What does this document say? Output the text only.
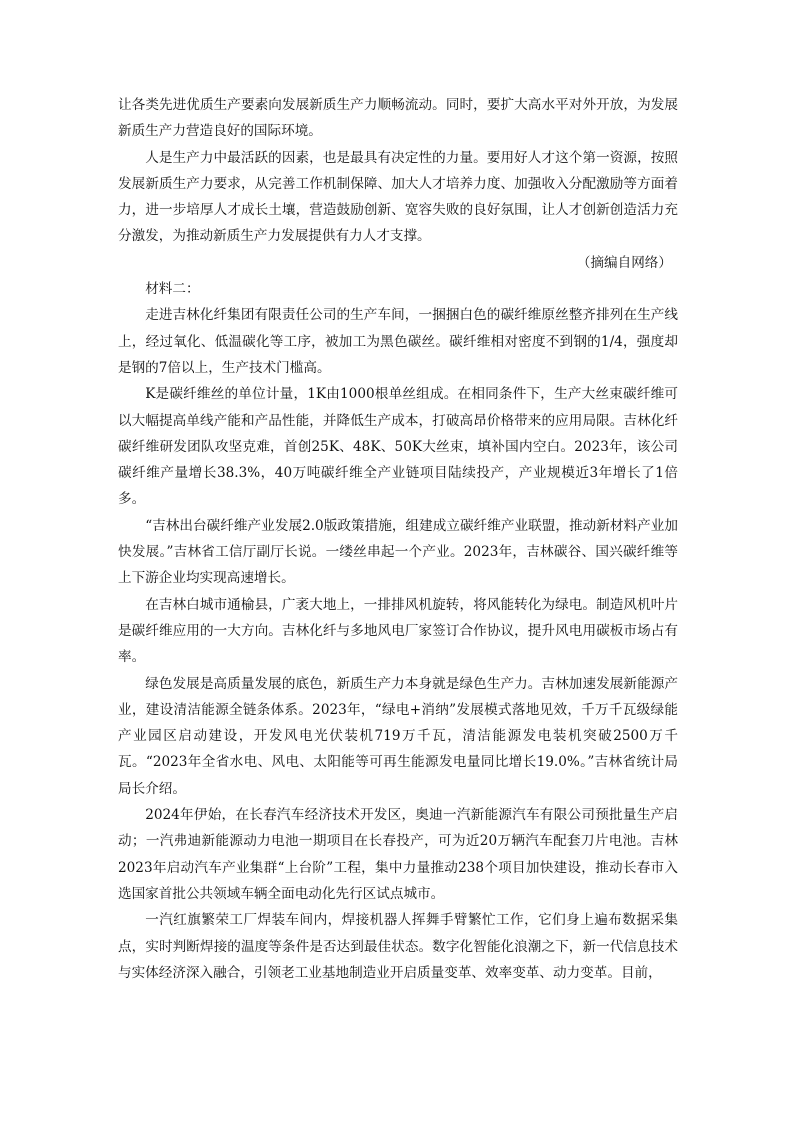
让各类先进优质生产要素向发展新质生产力顺畅流动。同时，要扩大高水平对外开放，为发展新质生产力营造良好的国际环境。

人是生产力中最活跃的因素，也是最具有决定性的力量。要用好人才这个第一资源，按照发展新质生产力要求，从完善工作机制保障、加大人才培养力度、加强收入分配激励等方面着力，进一步培厚人才成长土壤，营造鼓励创新、宽容失败的良好氛围，让人才创新创造活力充分激发，为推动新质生产力发展提供有力人才支撑。

（摘编自网络）

材料二：

走进吉林化纤集团有限责任公司的生产车间，一捆捆白色的碳纤维原丝整齐排列在生产线上，经过氧化、低温碳化等工序，被加工为黑色碳丝。碳纤维相对密度不到钢的1/4，强度却是钢的7倍以上，生产技术门槛高。

K是碳纤维丝的单位计量，1K由1000根单丝组成。在相同条件下，生产大丝束碳纤维可以大幅提高单线产能和产品性能，并降低生产成本，打破高昂价格带来的应用局限。吉林化纤碳纤维研发团队攻坚克难，首创25K、48K、50K大丝束，填补国内空白。2023年，该公司碳纤维产量增长38.3%，40万吨碳纤维全产业链项目陆续投产，产业规模近3年增长了1倍多。

“吉林出台碳纤维产业发展2.0版政策措施，组建成立碳纤维产业联盟，推动新材料产业加快发展。”吉林省工信厅副厅长说。一缕丝串起一个产业。2023年，吉林碳谷、国兴碳纤维等上下游企业均实现高速增长。

在吉林白城市通榆县，广袤大地上，一排排风机旋转，将风能转化为绿电。制造风机叶片是碳纤维应用的一大方向。吉林化纤与多地风电厂家签订合作协议，提升风电用碳板市场占有率。

绿色发展是高质量发展的底色，新质生产力本身就是绿色生产力。吉林加速发展新能源产业，建设清洁能源全链条体系。2023年，“绿电+消纳”发展模式落地见效，千万千瓦级绿能产业园区启动建设，开发风电光伏装机719万千瓦，清洁能源发电装机突破2500万千瓦。“2023年全省水电、风电、太阳能等可再生能源发电量同比增长19.0%。”吉林省统计局局长介绍。

2024年伊始，在长春汽车经济技术开发区，奥迪一汽新能源汽车有限公司预批量生产启动；一汽弗迪新能源动力电池一期项目在长春投产，可为近20万辆汽车配套刀片电池。吉林2023年启动汽车产业集群“上台阶”工程，集中力量推动238个项目加快建设，推动长春市入选国家首批公共领域车辆全面电动化先行区试点城市。

一汽红旗繁荣工厂焊装车间内，焊接机器人挥舞手臂繁忙工作，它们身上遍布数据采集点，实时判断焊接的温度等条件是否达到最佳状态。数字化智能化浪潮之下，新一代信息技术与实体经济深入融合，引领老工业基地制造业开启质量变革、效率变革、动力变革。目前，
